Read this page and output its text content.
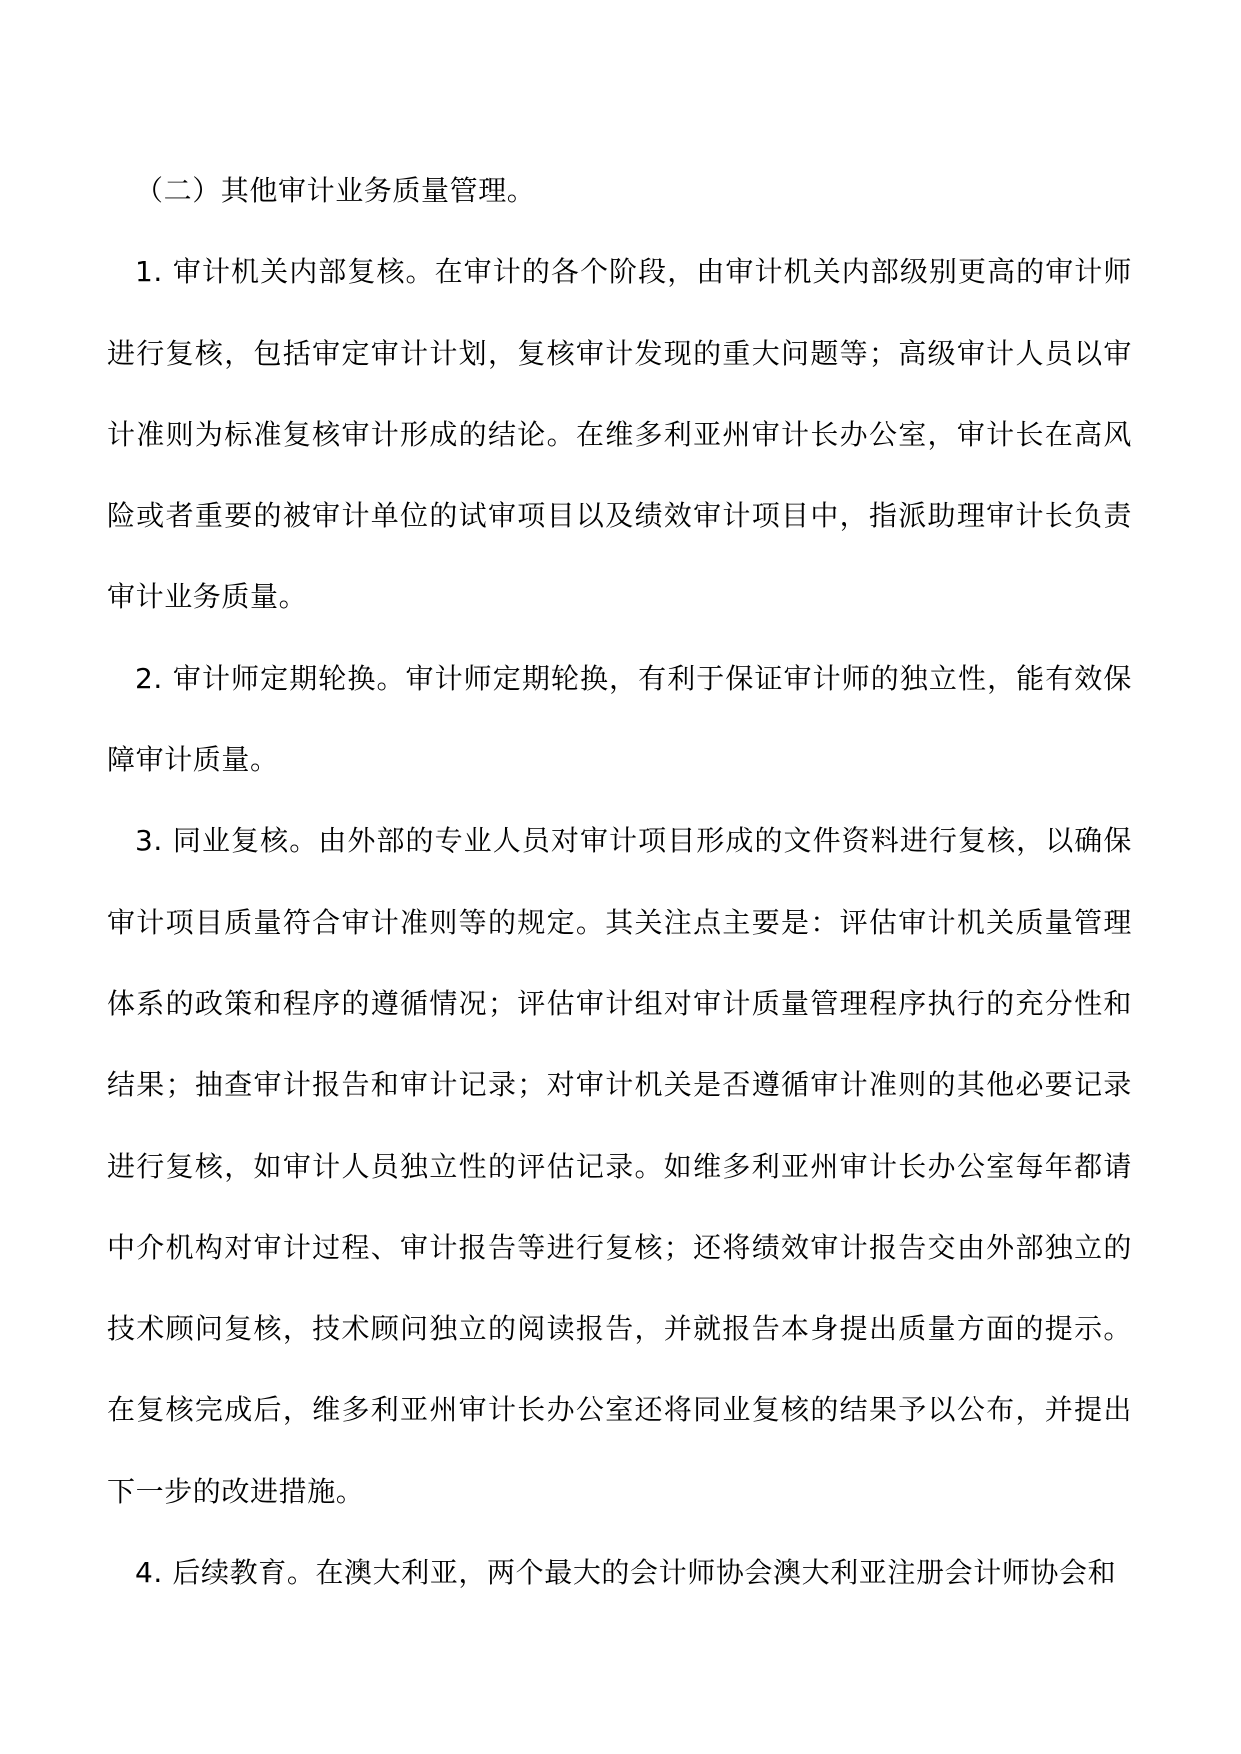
（二）其他审计业务质量管理。

1. 审计机关内部复核。在审计的各个阶段，由审计机关内部级别更高的审计师进行复核，包括审定审计计划，复核审计发现的重大问题等；高级审计人员以审计准则为标准复核审计形成的结论。在维多利亚州审计长办公室，审计长在高风险或者重要的被审计单位的试审项目以及绩效审计项目中，指派助理审计长负责审计业务质量。

2. 审计师定期轮换。审计师定期轮换，有利于保证审计师的独立性，能有效保障审计质量。

3. 同业复核。由外部的专业人员对审计项目形成的文件资料进行复核，以确保审计项目质量符合审计准则等的规定。其关注点主要是：评估审计机关质量管理体系的政策和程序的遵循情况；评估审计组对审计质量管理程序执行的充分性和结果；抽查审计报告和审计记录；对审计机关是否遵循审计准则的其他必要记录进行复核，如审计人员独立性的评估记录。如维多利亚州审计长办公室每年都请中介机构对审计过程、审计报告等进行复核；还将绩效审计报告交由外部独立的技术顾问复核，技术顾问独立的阅读报告，并就报告本身提出质量方面的提示。在复核完成后，维多利亚州审计长办公室还将同业复核的结果予以公布，并提出下一步的改进措施。

4. 后续教育。在澳大利亚，两个最大的会计师协会澳大利亚注册会计师协会和
